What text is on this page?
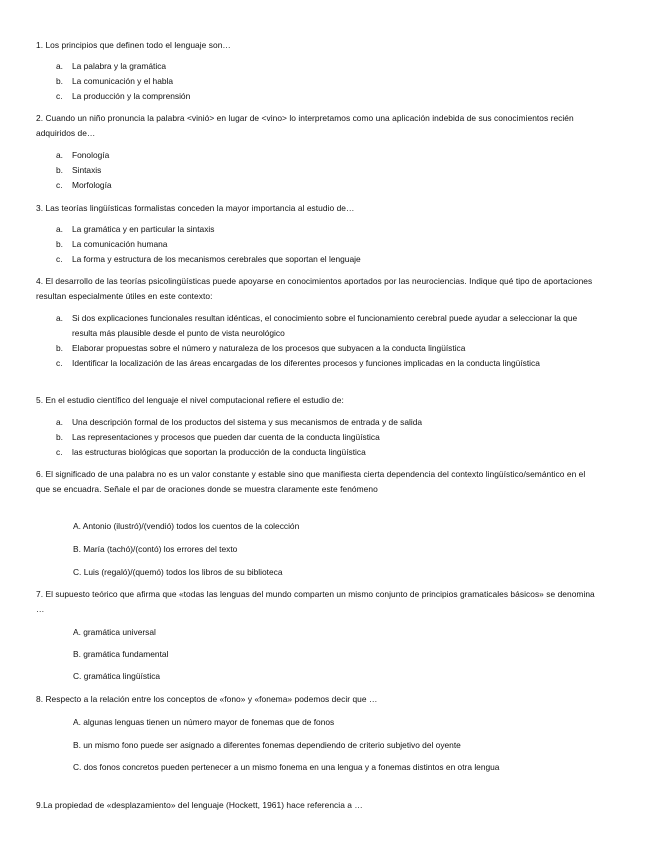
1. Los principios que definen todo el lenguaje son…
a.	La palabra y la gramática
b.	La comunicación y el habla
c.	La producción y la comprensión
2. Cuando un niño pronuncia la palabra <vinió> en lugar de <vino> lo interpretamos como una aplicación indebida de sus conocimientos recién adquiridos de…
a.	Fonología
b.	Sintaxis
c.	Morfología
3. Las teorías lingüísticas formalistas conceden la mayor importancia al estudio de…
a.	La gramática y en particular la sintaxis
b.	La comunicación humana
c.	La forma y estructura de los mecanismos cerebrales que soportan el lenguaje
4. El desarrollo de las teorías psicolingüísticas puede apoyarse en conocimientos aportados por las neurociencias. Indique qué tipo de aportaciones resultan especialmente útiles en este contexto:
a.	Si dos explicaciones funcionales resultan idénticas, el conocimiento sobre el funcionamiento cerebral puede ayudar a seleccionar la que resulta más plausible desde el punto de vista neurológico
b.	Elaborar propuestas sobre el número y naturaleza de los procesos que subyacen a la conducta lingüística
c.	Identificar la localización de las áreas encargadas de los diferentes procesos y funciones implicadas en la conducta lingüística
5. En el estudio científico del lenguaje el nivel computacional refiere el estudio de:
a.	Una descripción formal de los productos del sistema y sus mecanismos de entrada y de salida
b.	Las representaciones y procesos que pueden dar cuenta de la conducta lingüística
c.	las estructuras biológicas que soportan la producción de la conducta lingüística
6. El significado de una palabra no es un valor constante y estable sino que manifiesta cierta dependencia del contexto lingüístico/semántico en el que se encuadra. Señale el par de oraciones donde se muestra claramente este fenómeno
A. Antonio (ilustró)/(vendió) todos los cuentos de la colección
B. María (tachó)/(contó) los errores del texto
C. Luis (regaló)/(quemó) todos los libros de su biblioteca
7. El supuesto teórico que afirma que «todas las lenguas del mundo comparten un mismo conjunto de principios gramaticales básicos» se denomina …
A. gramática universal
B. gramática fundamental
C. gramática lingüística
8. Respecto a la relación entre los conceptos de «fono» y «fonema» podemos decir que …
A. algunas lenguas tienen un número mayor de fonemas que de fonos
B. un mismo fono puede ser asignado a diferentes fonemas dependiendo de criterio subjetivo del oyente
C. dos fonos concretos pueden pertenecer a un mismo fonema en una lengua y a fonemas distintos en otra lengua
9.La propiedad de «desplazamiento» del lenguaje (Hockett, 1961) hace referencia a …
